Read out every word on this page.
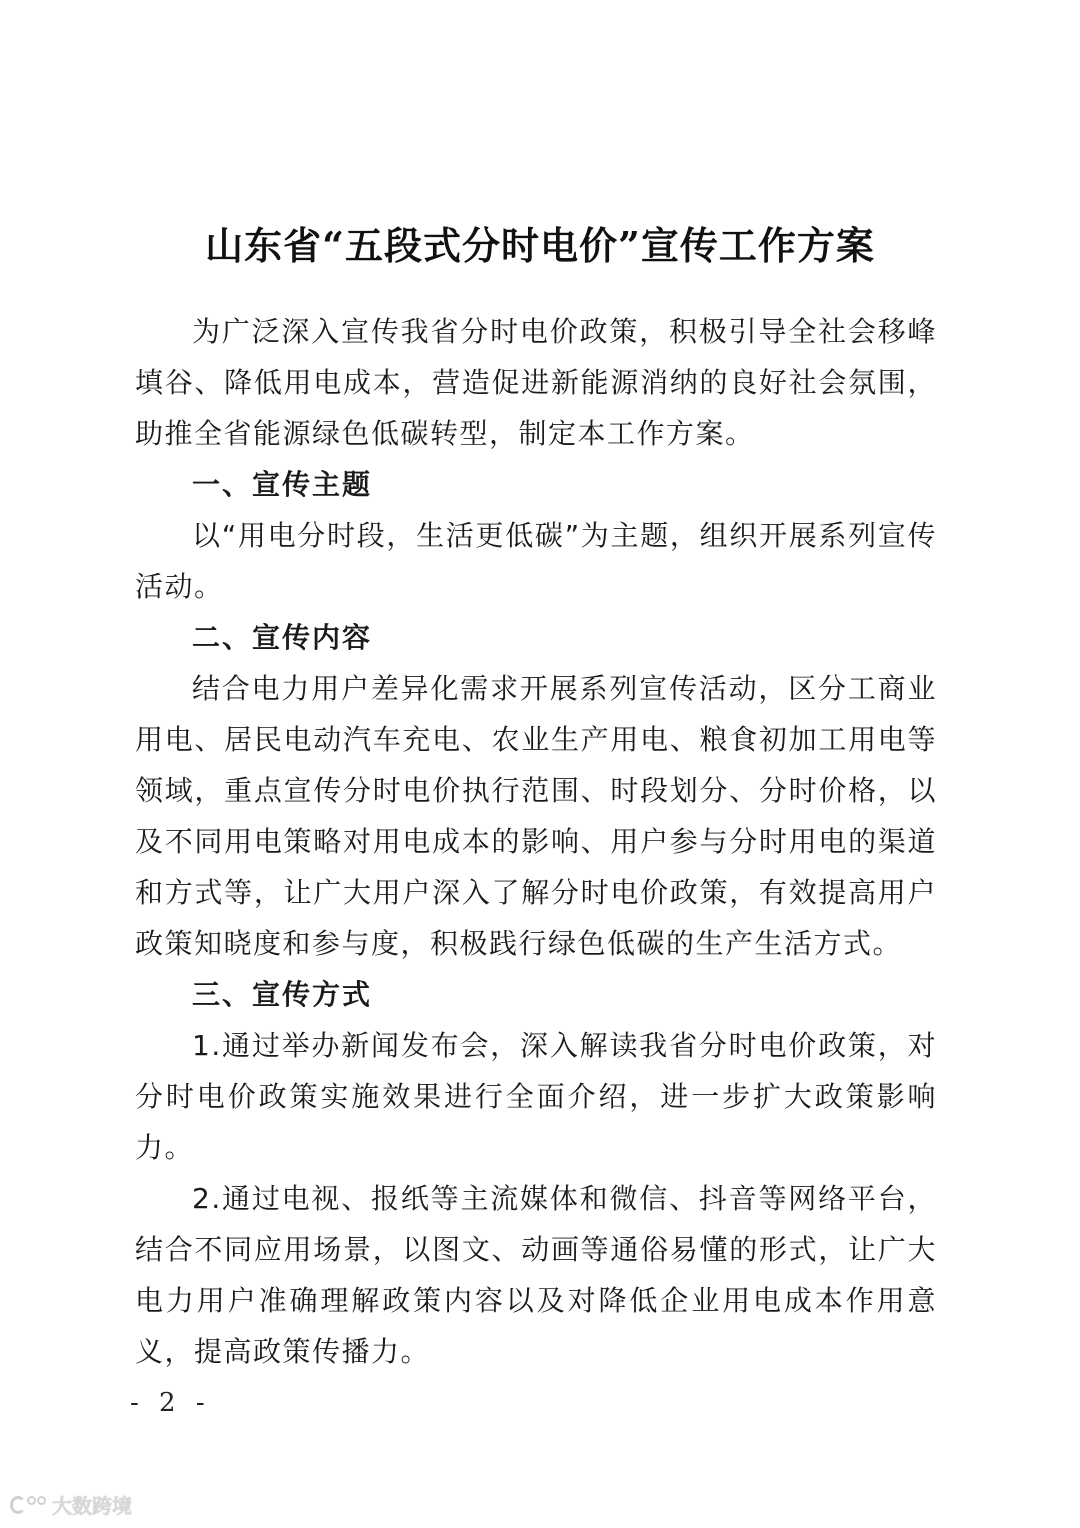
山东省“五段式分时电价”宣传工作方案

为广泛深入宣传我省分时电价政策，积极引导全社会移峰填谷、降低用电成本，营造促进新能源消纳的良好社会氛围，助推全省能源绿色低碳转型，制定本工作方案。

一、宣传主题

以“用电分时段，生活更低碳”为主题，组织开展系列宣传活动。

二、宣传内容

结合电力用户差异化需求开展系列宣传活动，区分工商业用电、居民电动汽车充电、农业生产用电、粮食初加工用电等领域，重点宣传分时电价执行范围、时段划分、分时价格，以及不同用电策略对用电成本的影响、用户参与分时用电的渠道和方式等，让广大用户深入了解分时电价政策，有效提高用户政策知晓度和参与度，积极践行绿色低碳的生产生活方式。

三、宣传方式

1.通过举办新闻发布会，深入解读我省分时电价政策，对分时电价政策实施效果进行全面介绍，进一步扩大政策影响力。

2.通过电视、报纸等主流媒体和微信、抖音等网络平台，结合不同应用场景，以图文、动画等通俗易懂的形式，让广大电力用户准确理解政策内容以及对降低企业用电成本作用意义，提高政策传播力。

- 2 -
大数跨境
